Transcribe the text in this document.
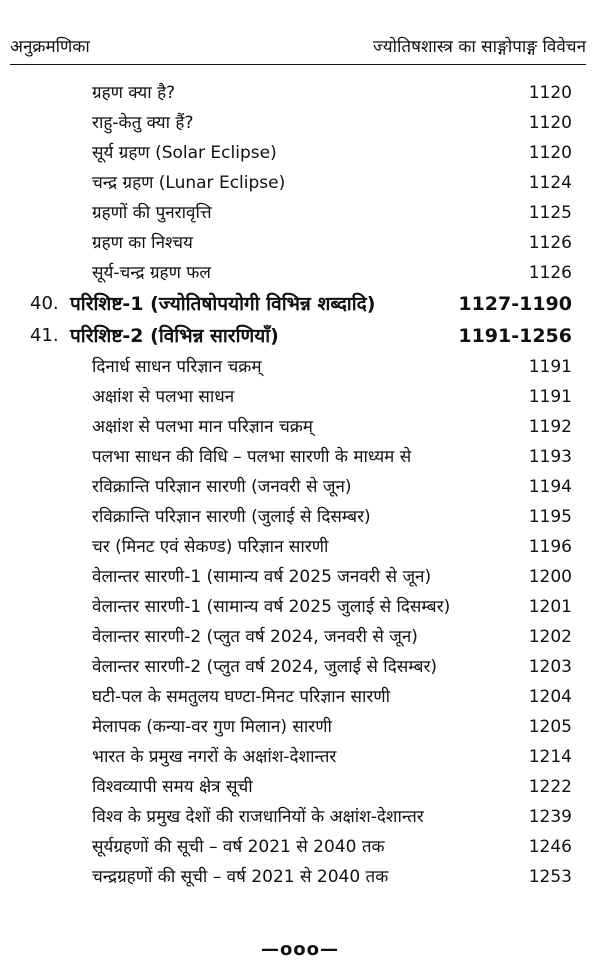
अनुक्रमणिका	ज्योतिषशास्त्र का साङ्गोपाङ्ग विवेचन
ग्रहण क्या है?	1120
राहु-केतु क्या हैं?	1120
सूर्य ग्रहण (Solar Eclipse)	1120
चन्द्र ग्रहण (Lunar Eclipse)	1124
ग्रहणों की पुनरावृत्ति	1125
ग्रहण का निश्चय	1126
सूर्य-चन्द्र ग्रहण फल	1126
40. परिशिष्ट-1 (ज्योतिषोपयोगी विभिन्न शब्दादि)	1127-1190
41. परिशिष्ट-2 (विभिन्न सारणियाँ)	1191-1256
दिनार्ध साधन परिज्ञान चक्रम्	1191
अक्षांश से पलभा साधन	1191
अक्षांश से पलभा मान परिज्ञान चक्रम्	1192
पलभा साधन की विधि – पलभा सारणी के माध्यम से	1193
रविक्रान्ति परिज्ञान सारणी (जनवरी से जून)	1194
रविक्रान्ति परिज्ञान सारणी (जुलाई से दिसम्बर)	1195
चर (मिनट एवं सेकण्ड) परिज्ञान सारणी	1196
वेलान्तर सारणी-1 (सामान्य वर्ष 2025 जनवरी से जून)	1200
वेलान्तर सारणी-1 (सामान्य वर्ष 2025 जुलाई से दिसम्बर)	1201
वेलान्तर सारणी-2 (प्लुत वर्ष 2024, जनवरी से जून)	1202
वेलान्तर सारणी-2 (प्लुत वर्ष 2024, जुलाई से दिसम्बर)	1203
घटी-पल के समतुलय घण्टा-मिनट परिज्ञान सारणी	1204
मेलापक (कन्या-वर गुण मिलान) सारणी	1205
भारत के प्रमुख नगरों के अक्षांश-देशान्तर	1214
विश्वव्यापी समय क्षेत्र सूची	1222
विश्व के प्रमुख देशों की राजधानियों के अक्षांश-देशान्तर	1239
सूर्यग्रहणों की सूची – वर्ष 2021 से 2040 तक	1246
चन्द्रग्रहणों की सूची – वर्ष 2021 से 2040 तक	1253
—ooo—
